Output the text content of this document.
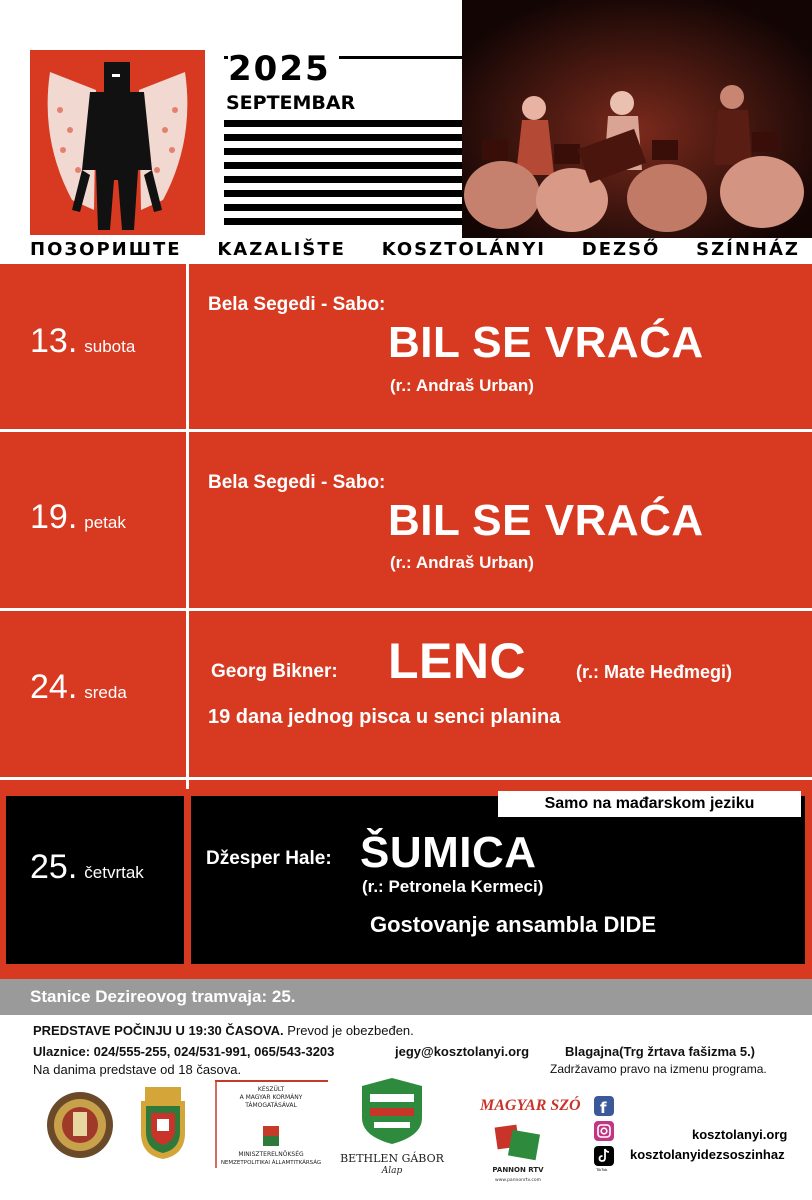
2025
SEPTEMBAR
ПОЗОРИШТЕ KAZALIŠTE KOSZTOLÁNYI DEZSŐ SZÍNHÁZ
13. subota
Bela Segedi - Sabo:
BIL SE VRAĆA
(r.: Andraš Urban)
19. petak
Bela Segedi - Sabo:
BIL SE VRAĆA
(r.: Andraš Urban)
24. sreda
Georg Bikner: LENC	(r.: Mate Heđmegi)
19 dana jednog pisca u senci planina
Samo na mađarskom jeziku
25. četvrtak
Džesper Hale: ŠUMICA
(r.: Petronela Kermeci)
Gostovanje ansambla DIDE
Stanice Dezireovog tramvaja: 25.
PREDSTAVE POČINJU U 19:30 ČASOVA. Prevod je obezbeđen.
Ulaznice: 024/555-255, 024/531-991, 065/543-3203	jegy@kosztolanyi.org	Blagajna(Trg žrtava fašizma 5.)
Na danima predstave od 18 časova.	Zadržavamo pravo na izmenu programa.
KÉSZÜLT
A MAGYAR KORMÁNY
TÁMOGATÁSÁVAL
MINISZTERELNÖKSÉG
NEMZETPOLITIKAI ÁLLAMTITKÁRSÁG BETHLEN GÁBOR
Alap
MAGYAR SZÓ
PANNON RTV
www.pannonrtv.com
f
TikTok
kosztolanyi.org
kosztolanyidezsoszinhaz
